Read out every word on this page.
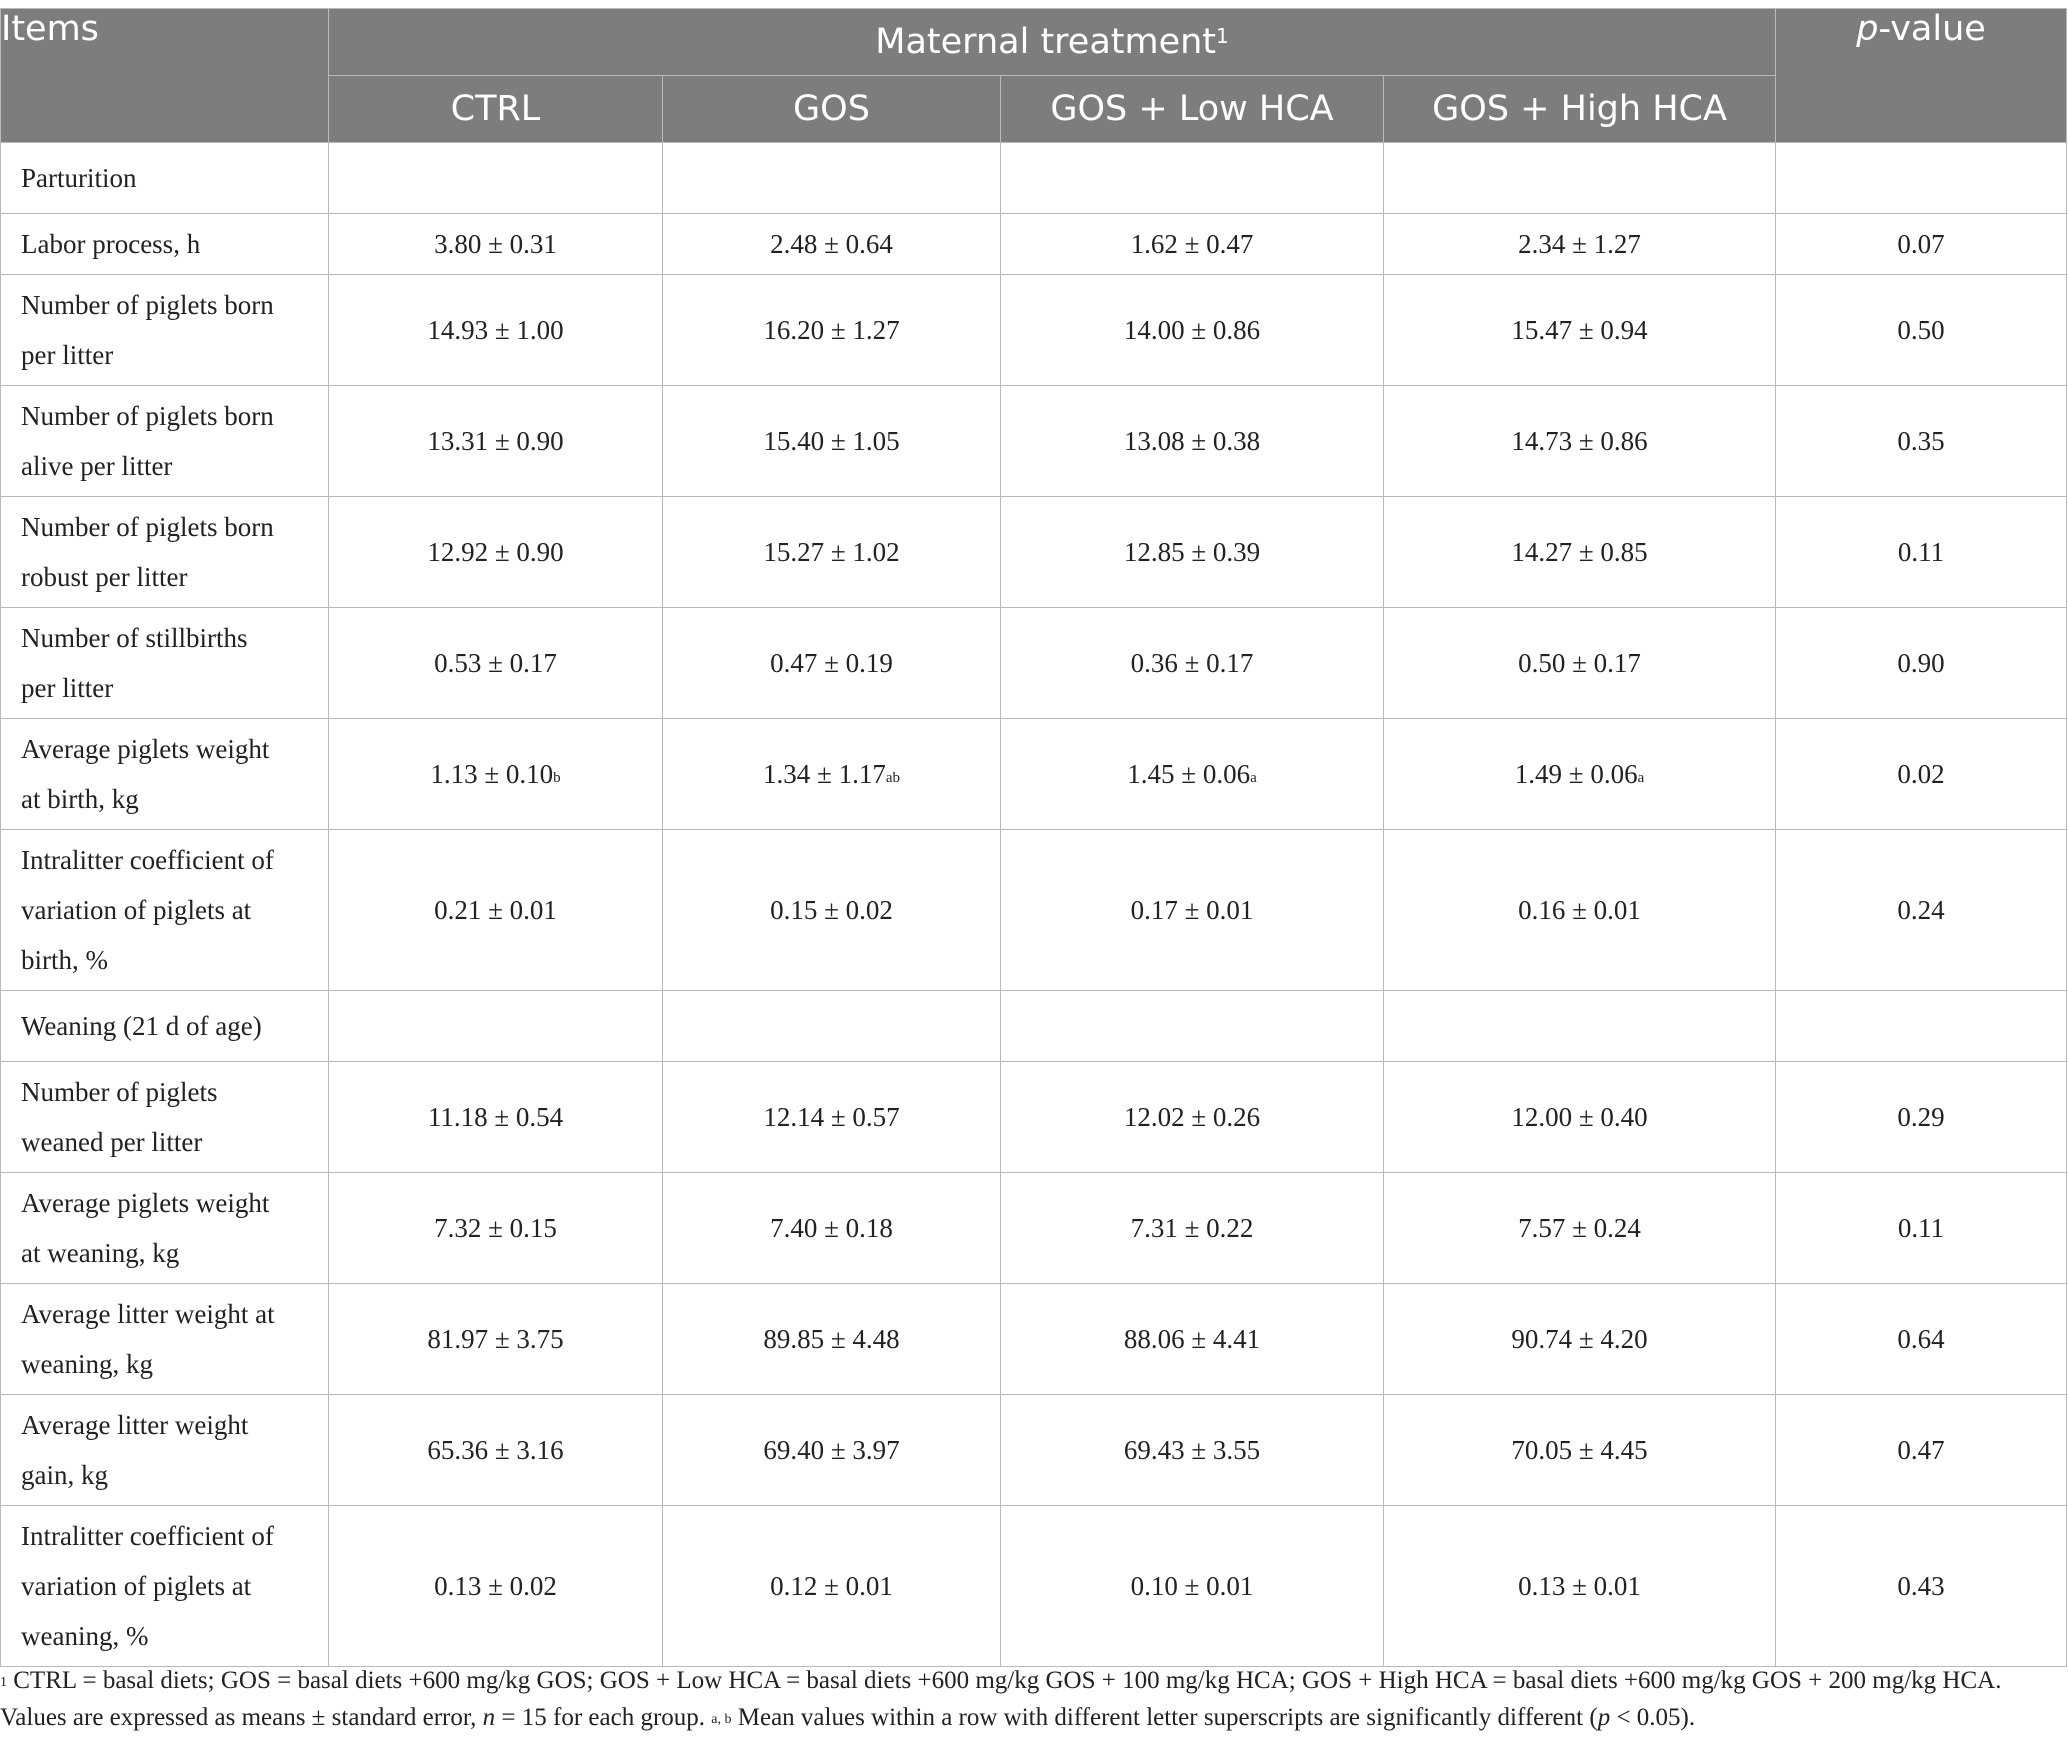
Items	Maternal treatment$^1$				p-value
	CTRL	GOS	GOS + Low HCA	GOS + High HCA	
Parturition					

Labor process, h	3.80 ± 0.31	2.48 ± 0.64	1.62 ± 0.47	2.34 ± 1.27	0.07

Number of piglets born
per litter	14.93 ± 1.00	16.20 ± 1.27	14.00 ± 0.86	15.47 ± 0.94	0.50

Number of piglets born
alive per litter	13.31 ± 0.90	15.40 ± 1.05	13.08 ± 0.38	14.73 ± 0.86	0.35

Number of piglets born
robust per litter	12.92 ± 0.90	15.27 ± 1.02	12.85 ± 0.39	14.27 ± 0.85	0.11

Number of stillbirths
per litter	0.53 ± 0.17	0.47 ± 0.19	0.36 ± 0.17	0.50 ± 0.17	0.90

Average piglets weight
at birth, kg	1.13 ± 0.10$^b$	1.34 ± 1.17$^{ab}$	1.45 ± 0.06$^a$	1.49 ± 0.06$^a$	0.02

Intralitter coefficient of
variation of piglets at
birth, %	0.21 ± 0.01	0.15 ± 0.02	0.17 ± 0.01	0.16 ± 0.01	0.24
Weaning (21 d of age)					

Number of piglets
weaned per litter	11.18 ± 0.54	12.14 ± 0.57	12.02 ± 0.26	12.00 ± 0.40	0.29

Average piglets weight
at weaning, kg	7.32 ± 0.15	7.40 ± 0.18	7.31 ± 0.22	7.57 ± 0.24	0.11

Average litter weight at
weaning, kg	81.97 ± 3.75	89.85 ± 4.48	88.06 ± 4.41	90.74 ± 4.20	0.64

Average litter weight
gain, kg	65.36 ± 3.16	69.40 ± 3.97	69.43 ± 3.55	70.05 ± 4.45	0.47

Intralitter coefficient of
variation of piglets at
weaning, %	0.13 ± 0.02	0.12 ± 0.01	0.10 ± 0.01	0.13 ± 0.01	0.43

$^1$ CTRL = basal diets; GOS = basal diets +600 mg/kg GOS; GOS + Low HCA = basal diets +600 mg/kg GOS + 100 mg/kg HCA; GOS + High HCA = basal diets +600 mg/kg GOS + 200 mg/kg HCA.

Values are expressed as means ± standard error, n = 15 for each group. $^{a, b}$ Mean values within a row with different letter superscripts are significantly different (p < 0.05).
